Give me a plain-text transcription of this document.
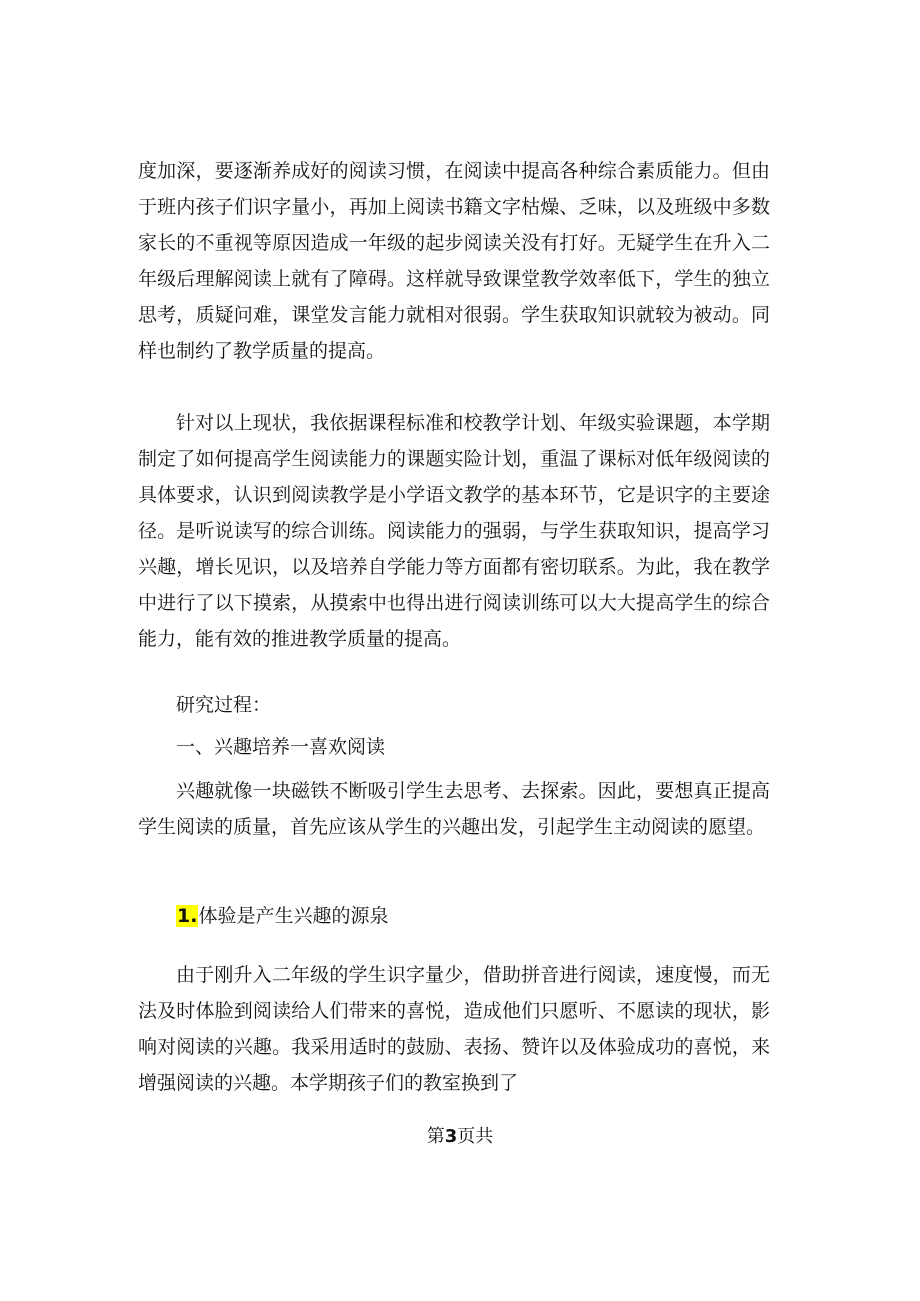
度加深，要逐渐养成好的阅读习惯，在阅读中提高各种综合素质能力。但由于班内孩子们识字量小，再加上阅读书籍文字枯燥、乏味，以及班级中多数家长的不重视等原因造成一年级的起步阅读关没有打好。无疑学生在升入二年级后理解阅读上就有了障碍。这样就导致课堂教学效率低下，学生的独立思考，质疑问难，课堂发言能力就相对很弱。学生获取知识就较为被动。同样也制约了教学质量的提高。

针对以上现状，我依据课程标准和校教学计划、年级实验课题，本学期制定了如何提高学生阅读能力的课题实险计划，重温了课标对低年级阅读的具体要求，认识到阅读教学是小学语文教学的基本环节，它是识字的主要途径。是听说读写的综合训练。阅读能力的强弱，与学生获取知识，提高学习兴趣，增长见识，以及培养自学能力等方面都有密切联系。为此，我在教学中进行了以下摸索，从摸索中也得出进行阅读训练可以大大提高学生的综合能力，能有效的推进教学质量的提高。

研究过程：

一、兴趣培养一喜欢阅读

兴趣就像一块磁铁不断吸引学生去思考、去探索。因此，要想真正提高学生阅读的质量，首先应该从学生的兴趣出发，引起学生主动阅读的愿望。

1.体验是产生兴趣的源泉

由于刚升入二年级的学生识字量少，借助拼音进行阅读，速度慢，而无法及时体脸到阅读给人们带来的喜悦，造成他们只愿听、不愿读的现状，影响对阅读的兴趣。我采用适时的鼓励、表扬、赞许以及体验成功的喜悦，来增强阅读的兴趣。本学期孩子们的教室换到了

第3页共
